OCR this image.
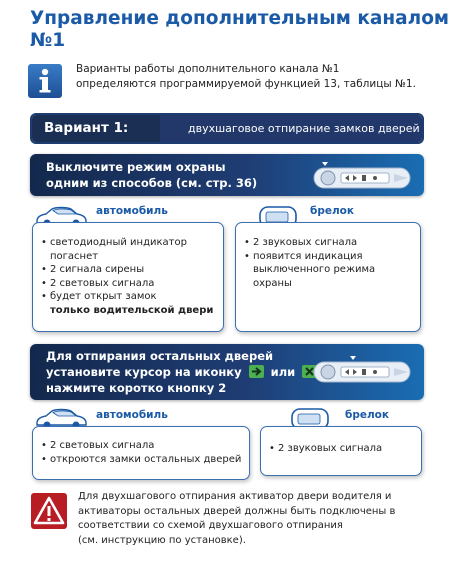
Управление дополнительным каналом №1
Варианты работы дополнительного канала №1
определяются программируемой функцией 13, таблицы №1.
Вариант 1:	двухшаговое отпирание замков дверей
Выключите режим охраны
одним из способов (см. стр. 36)
автомобиль
• светодиодный индикатор
погаснет
• 2 сигнала сирены
• 2 световых сигнала
• будет открыт замок
только водительской двери
брелок
• 2 звуковых сигнала
• появится индикация
выключенного режима
охраны
Для отпирания остальных дверей
установите курсор на иконку	или
нажмите коротко кнопку 2
автомобиль
• 2 световых сигнала
• откроются замки остальных дверей
брелок
• 2 звуковых сигнала
Для двухшагового отпирания активатор двери водителя и
активаторы остальных дверей должны быть подключены в
соответствии со схемой двухшагового отпирания
(см. инструкцию по установке).
